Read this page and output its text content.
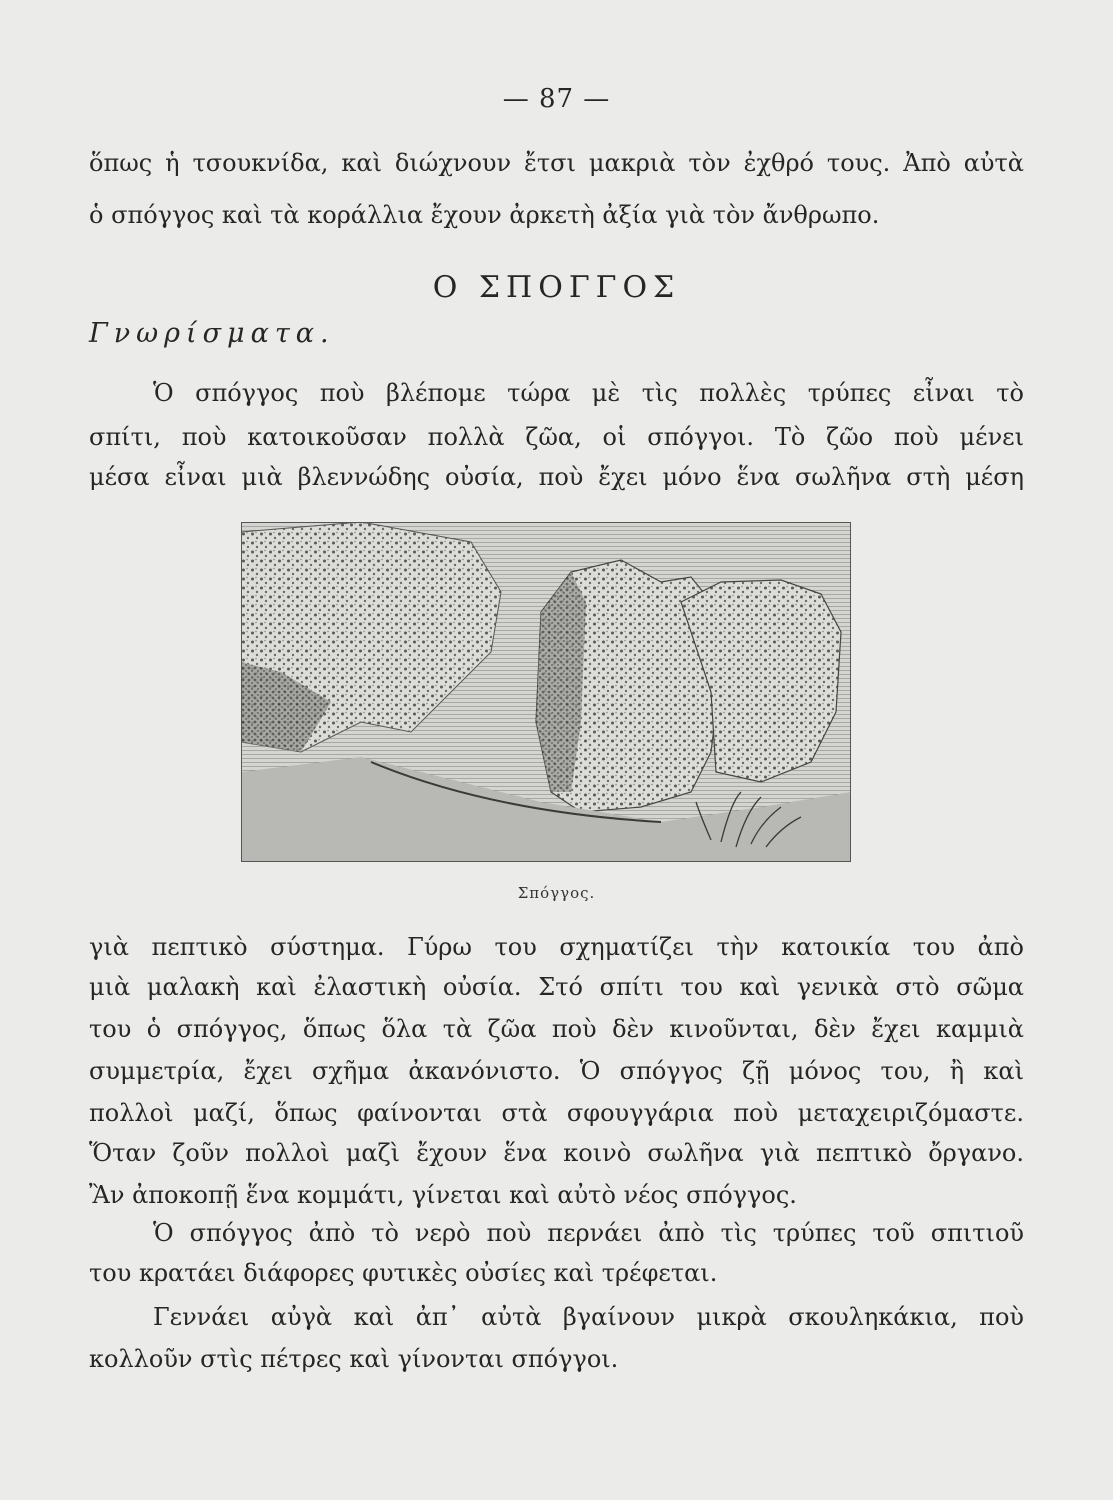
— 87 —
ὅπως ἡ τσουκνίδα, καὶ διώχνουν ἔτσι μακριὰ τὸν ἐχθρό τους. Ἀπὸ αὐτὰ
ὁ σπόγγος καὶ τὰ κοράλλια ἔχουν ἀρκετὴ ἀξία γιὰ τὸν ἄνθρωπο.
Ο ΣΠΟΓΓΟΣ
Γνωρίσματα.
Ὁ σπόγγος ποὺ βλέπομε τώρα μὲ τὶς πολλὲς τρύπες εἶναι τὸ
σπίτι, ποὺ κατοικοῦσαν πολλὰ ζῶα, οἱ σπόγγοι. Τὸ ζῶο ποὺ μένει
μέσα εἶναι μιὰ βλεννώδης οὐσία, ποὺ ἔχει μόνο ἕνα σωλῆνα στὴ μέση
Σπόγγος.
γιὰ πεπτικὸ σύστημα. Γύρω του σχηματίζει τὴν κατοικία του ἀπὸ
μιὰ μαλακὴ καὶ ἐλαστικὴ οὐσία. Στό σπίτι του καὶ γενικὰ στὸ σῶμα
του ὁ σπόγγος, ὅπως ὅλα τὰ ζῶα ποὺ δὲν κινοῦνται, δὲν ἔχει καμμιὰ
συμμετρία, ἔχει σχῆμα ἀκανόνιστο. Ὁ σπόγγος ζῇ μόνος του, ἢ καὶ
πολλοὶ μαζί, ὅπως φαίνονται στὰ σφουγγάρια ποὺ μεταχειριζόμαστε.
Ὅταν ζοῦν πολλοὶ μαζὶ ἔχουν ἕνα κοινὸ σωλῆνα γιὰ πεπτικὸ ὄργανο.
Ἂν ἀποκοπῇ ἕνα κομμάτι, γίνεται καὶ αὐτὸ νέος σπόγγος.
Ὁ σπόγγος ἀπὸ τὸ νερὸ ποὺ περνάει ἀπὸ τὶς τρύπες τοῦ σπιτιοῦ
του κρατάει διάφορες φυτικὲς οὐσίες καὶ τρέφεται.
Γεννάει αὐγὰ καὶ ἀπ᾽ αὐτὰ βγαίνουν μικρὰ σκουληκάκια, ποὺ
κολλοῦν στὶς πέτρες καὶ γίνονται σπόγγοι.
